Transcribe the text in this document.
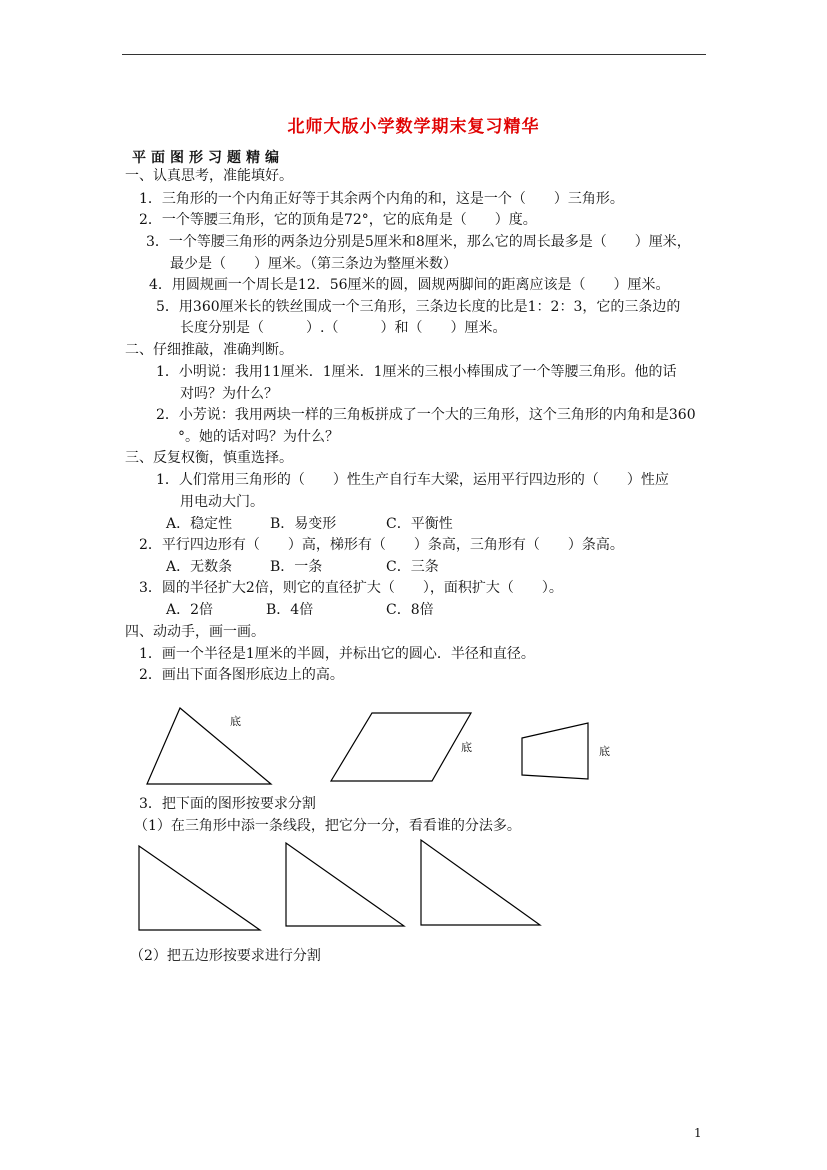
北师大版小学数学期末复习精华
平面图形习题精编
一、认真思考，准能填好。
1．三角形的一个内角正好等于其余两个内角的和，这是一个（　　）三角形。
2．一个等腰三角形，它的顶角是72°，它的底角是（　　）度。
3．一个等腰三角形的两条边分别是5厘米和8厘米，那么它的周长最多是（　　）厘米，
最少是（　　）厘米。（第三条边为整厘米数）
4．用圆规画一个周长是12．56厘米的圆，圆规两脚间的距离应该是（　　）厘米。
5．用360厘米长的铁丝围成一个三角形，三条边长度的比是1：2：3，它的三条边的
长度分别是（　　　）.（　　　）和（　　）厘米。
二、仔细推敲，准确判断。
1．小明说：我用11厘米．1厘米．1厘米的三根小棒围成了一个等腰三角形。他的话
对吗？为什么？
2．小芳说：我用两块一样的三角板拼成了一个大的三角形，这个三角形的内角和是360
°。她的话对吗？为什么？
三、反复权衡，慎重选择。
1．人们常用三角形的（　　）性生产自行车大梁，运用平行四边形的（　　）性应
用电动大门。
A．稳定性	B．易变形	C．平衡性
2．平行四边形有（　　）高，梯形有（　　）条高，三角形有（　　）条高。
A．无数条	B．一条	C．三条
3．圆的半径扩大2倍，则它的直径扩大（　　），面积扩大（　　）。
A．2倍	B．4倍	C．8倍
四、动动手，画一画。
1．画一个半径是1厘米的半圆，并标出它的圆心．半径和直径。
2．画出下面各图形底边上的高。
底
底	底
3．把下面的图形按要求分割
（1）在三角形中添一条线段，把它分一分，看看谁的分法多。
（2）把五边形按要求进行分割
1
